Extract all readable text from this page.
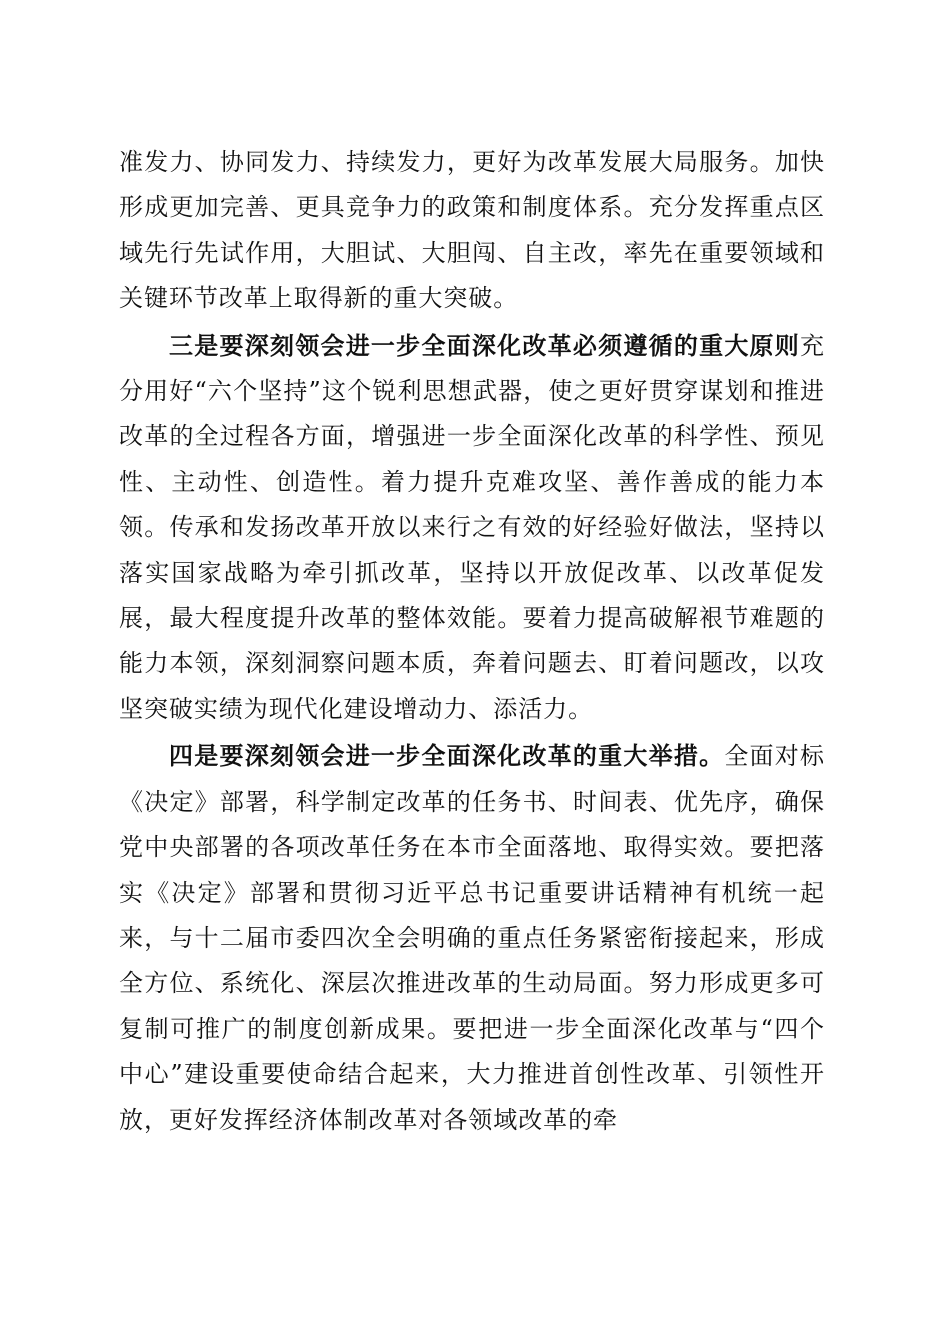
准发力、协同发力、持续发力，更好为改革发展大局服务。加快形成更加完善、更具竞争力的政策和制度体系。充分发挥重点区域先行先试作用，大胆试、大胆闯、自主改，率先在重要领域和关键环节改革上取得新的重大突破。

三是要深刻领会进一步全面深化改革必须遵循的重大原则充分用好“六个坚持”这个锐利思想武器，使之更好贯穿谋划和推进改革的全过程各方面，增强进一步全面深化改革的科学性、预见性、主动性、创造性。着力提升克难攻坚、善作善成的能力本领。传承和发扬改革开放以来行之有效的好经验好做法，坚持以落实国家战略为牵引抓改革，坚持以开放促改革、以改革促发展，最大程度提升改革的整体效能。要着力提高破解裉节难题的能力本领，深刻洞察问题本质，奔着问题去、盯着问题改，以攻坚突破实绩为现代化建设增动力、添活力。

四是要深刻领会进一步全面深化改革的重大举措。全面对标《决定》部署，科学制定改革的任务书、时间表、优先序，确保党中央部署的各项改革任务在本市全面落地、取得实效。要把落实《决定》部署和贯彻习近平总书记重要讲话精神有机统一起来，与十二届市委四次全会明确的重点任务紧密衔接起来，形成全方位、系统化、深层次推进改革的生动局面。努力形成更多可复制可推广的制度创新成果。要把进一步全面深化改革与“四个中心”建设重要使命结合起来，大力推进首创性改革、引领性开放，更好发挥经济体制改革对各领域改革的牵
